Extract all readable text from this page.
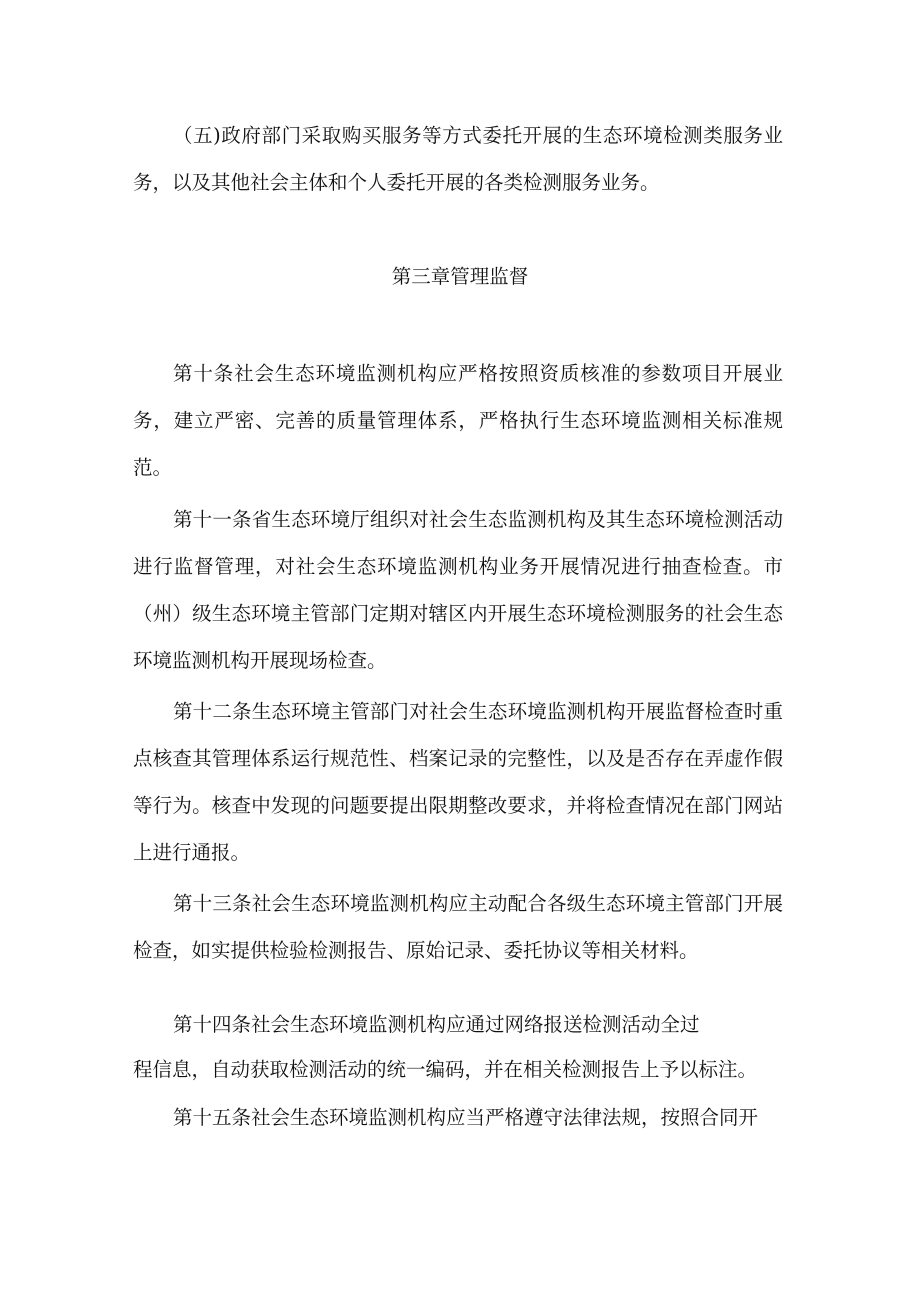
（五)政府部门采取购买服务等方式委托开展的生态环境检测类服务业务，以及其他社会主体和个人委托开展的各类检测服务业务。

第三章管理监督

第十条社会生态环境监测机构应严格按照资质核准的参数项目开展业务，建立严密、完善的质量管理体系，严格执行生态环境监测相关标准规范。

第十一条省生态环境厅组织对社会生态监测机构及其生态环境检测活动进行监督管理，对社会生态环境监测机构业务开展情况进行抽查检查。市（州）级生态环境主管部门定期对辖区内开展生态环境检测服务的社会生态环境监测机构开展现场检查。

第十二条生态环境主管部门对社会生态环境监测机构开展监督检查时重点核查其管理体系运行规范性、档案记录的完整性，以及是否存在弄虚作假等行为。核查中发现的问题要提出限期整改要求，并将检查情况在部门网站上进行通报。

第十三条社会生态环境监测机构应主动配合各级生态环境主管部门开展检查，如实提供检验检测报告、原始记录、委托协议等相关材料。

第十四条社会生态环境监测机构应通过网络报送检测活动全过

程信息，自动获取检测活动的统一编码，并在相关检测报告上予以标注。

第十五条社会生态环境监测机构应当严格遵守法律法规，按照合同开
